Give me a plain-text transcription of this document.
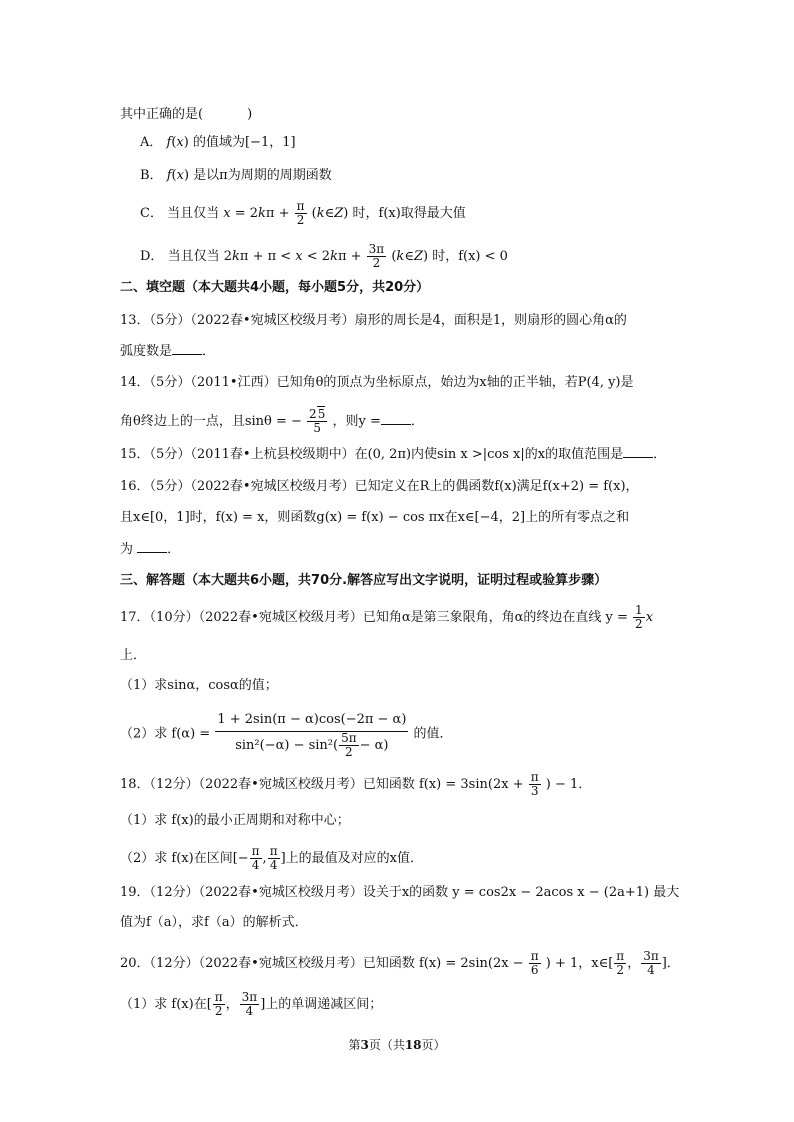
其中正确的是(	)
A． f(x) 的值域为[−1，1]
B． f(x) 是以π为周期的周期函数
C． 当且仅当 $x = 2k\pi + \frac{\pi}{2}$ (k∈Z) 时，f(x)取得最大值
D． 当且仅当 $2k\pi + \pi < x < 2k\pi + \frac{3\pi}{2}$ (k∈Z) 时，f(x) < 0
二、填空题（本大题共4小题，每小题5分，共20分）
13．（5分）（2022春•宛城区校级月考）扇形的周长是4，面积是1，则扇形的圆心角α的
弧度数是 ．
14．（5分）（2011•江西）已知角θ的顶点为坐标原点，始边为x轴的正半轴，若P(4, y)是
角θ终边上的一点，且sinθ = − $\frac{25}{5}$ ，则y = ．
15．（5分）（2011春•上杭县校级期中）在(0, 2π)内使sin x >|cos x|的x的取值范围是 ．
16．（5分）（2022春•宛城区校级月考）已知定义在R上的偶函数f(x)满足f(x+2) = f(x)，
且x∈[0，1]时，f(x) = x，则函数g(x) = f(x) − cos πx在x∈[−4，2]上的所有零点之和
为	．
三、解答题（本大题共6小题，共70分.解答应写出文字说明，证明过程或验算步骤）
17．（10分）（2022春•宛城区校级月考）已知角α是第三象限角，角α的终边在直线 $y = \frac{1}{2}$ x
上．
（1）求sinα，cosα的值；
（2）求 $f(\alpha) = \frac{1 + 2\sin(\pi - \alpha)\cos(-2\pi - \alpha)}{\sin^2(-\alpha) - \sin^2( \frac{5\pi}{2} - \alpha)}$ 的值．
18．（12分）（2022春•宛城区校级月考）已知函数 $f(x) = 3\sin(2x + \frac{\pi}{3}$ ) − 1．
（1）求 f(x)的最小正周期和对称中心；
（2）求 f(x)在区间[− $\frac{\pi}{4}$ , $\frac{\pi}{4}$ ]上的最值及对应的x值．
19．（12分）（2022春•宛城区校级月考）设关于x的函数 y = cos2x − 2acos x − (2a+1) 最大
值为f（a），求f（a）的解析式．
20．（12分）（2022春•宛城区校级月考）已知函数 $f(x) = 2\sin(2x - \frac{\pi}{6}$ ) + 1，x∈[ $\frac{\pi}{2}$ ， $\frac{3\pi}{4}$ ]．
（1）求 f(x)在[ $\frac{\pi}{2}$ ， $\frac{3\pi}{4}$ ]上的单调递减区间；
第3页（共18页）
